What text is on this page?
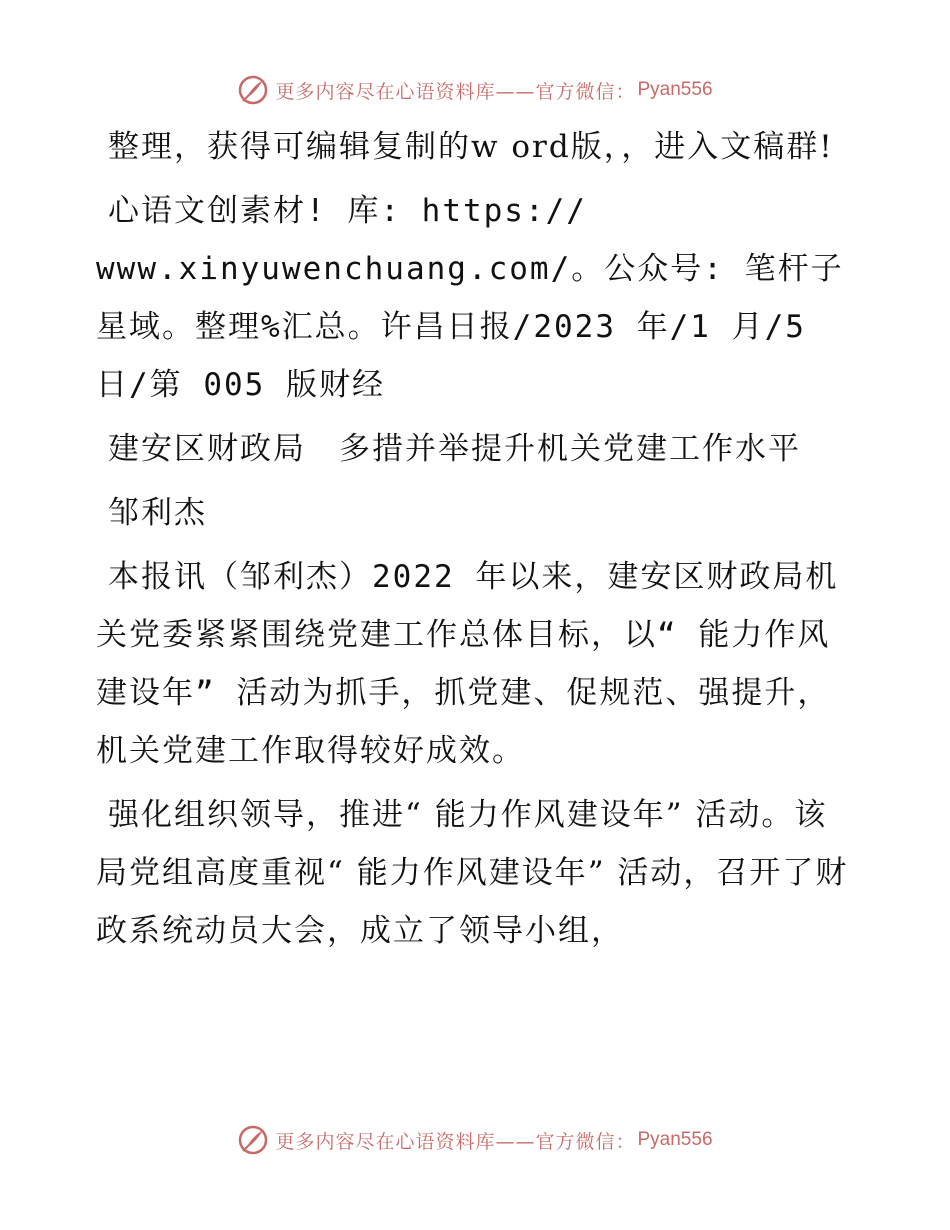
更多内容尽在心语资料库——官方微信： Pyan556

整理，获得可编辑复制的w ord版，，进入文稿群!

心语文创素材! 库: https:// www.xinyuwenchuang.com/。公众号: 笔杆子星域。整理%汇总。许昌日报/2023 年/1 月/5 日/第 005 版财经

建安区财政局　多措并举提升机关党建工作水平

邹利杰

本报讯（邹利杰）2022 年以来，建安区财政局机关党委紧紧围绕党建工作总体目标，以“ 能力作风建设年” 活动为抓手，抓党建、促规范、强提升，机关党建工作取得较好成效。

强化组织领导，推进“ 能力作风建设年” 活动。该局党组高度重视“ 能力作风建设年” 活动，召开了财政系统动员大会，成立了领导小组，

更多内容尽在心语资料库——官方微信： Pyan556
